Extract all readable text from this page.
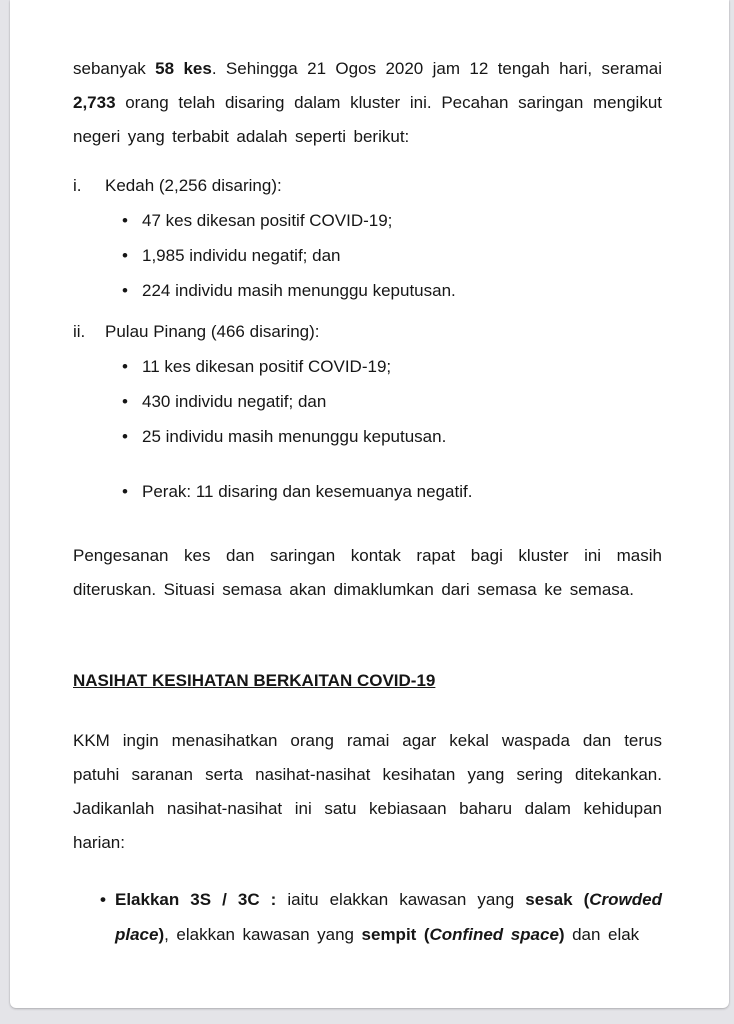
sebanyak 58 kes. Sehingga 21 Ogos 2020 jam 12 tengah hari, seramai 2,733 orang telah disaring dalam kluster ini. Pecahan saringan mengikut negeri yang terbabit adalah seperti berikut:

i.	Kedah (2,256 disaring):
• 47 kes dikesan positif COVID-19;
• 1,985 individu negatif; dan
• 224 individu masih menunggu keputusan.
ii.	Pulau Pinang (466 disaring):
• 11 kes dikesan positif COVID-19;
• 430 individu negatif; dan
• 25 individu masih menunggu keputusan.
• Perak: 11 disaring dan kesemuanya negatif.

Pengesanan kes dan saringan kontak rapat bagi kluster ini masih diteruskan. Situasi semasa akan dimaklumkan dari semasa ke semasa.

NASIHAT KESIHATAN BERKAITAN COVID-19

KKM ingin menasihatkan orang ramai agar kekal waspada dan terus patuhi saranan serta nasihat-nasihat kesihatan yang sering ditekankan. Jadikanlah nasihat-nasihat ini satu kebiasaan baharu dalam kehidupan harian:

• Elakkan 3S / 3C : iaitu elakkan kawasan yang sesak (Crowded place), elakkan kawasan yang sempit (Confined space) dan elak
